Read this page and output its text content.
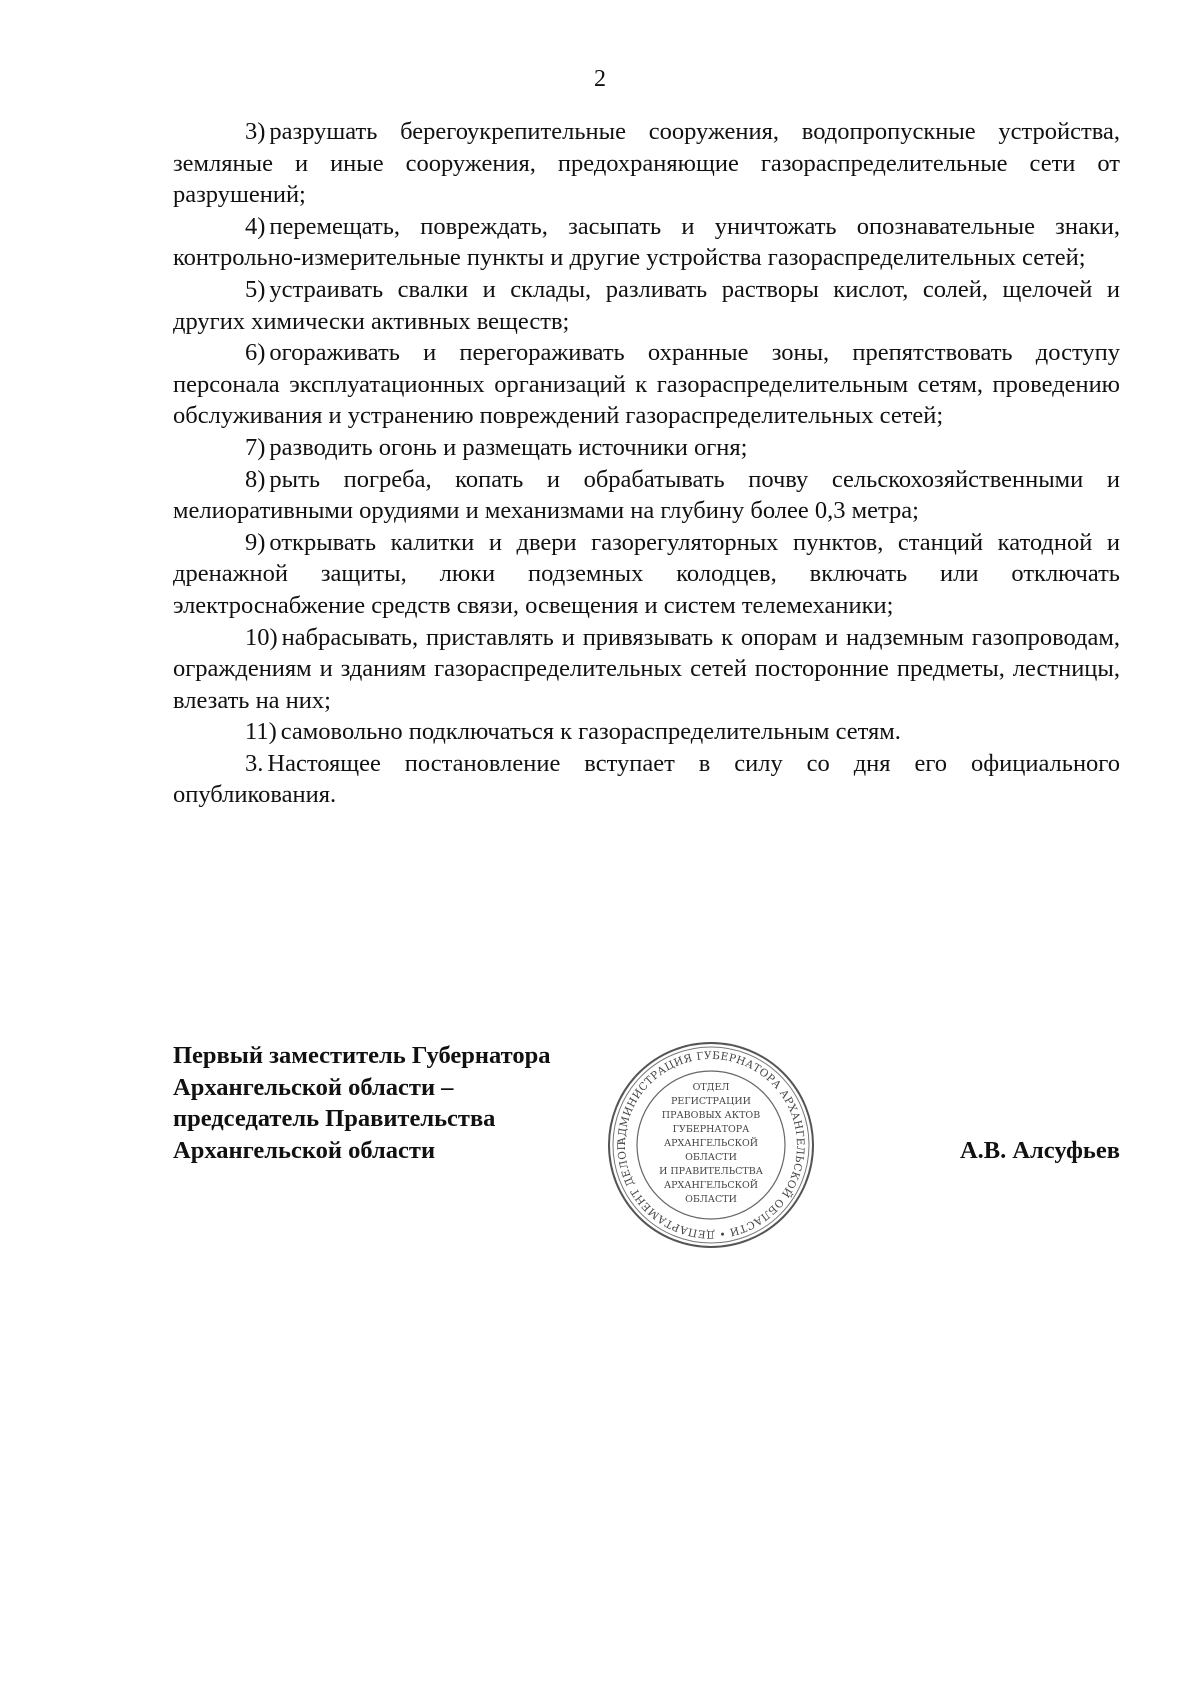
2

3) разрушать берегоукрепительные сооружения, водопропускные устройства, земляные и иные сооружения, предохраняющие газораспределительные сети от разрушений;

4) перемещать, повреждать, засыпать и уничтожать опознавательные знаки, контрольно-измерительные пункты и другие устройства газораспределительных сетей;

5) устраивать свалки и склады, разливать растворы кислот, солей, щелочей и других химически активных веществ;

6) огораживать и перегораживать охранные зоны, препятствовать доступу персонала эксплуатационных организаций к газораспределительным сетям, проведению обслуживания и устранению повреждений газораспределительных сетей;

7) разводить огонь и размещать источники огня;

8) рыть погреба, копать и обрабатывать почву сельскохозяйственными и мелиоративными орудиями и механизмами на глубину более 0,3 метра;

9) открывать калитки и двери газорегуляторных пунктов, станций катодной и дренажной защиты, люки подземных колодцев, включать или отключать электроснабжение средств связи, освещения и систем телемеханики;

10) набрасывать, приставлять и привязывать к опорам и надземным газопроводам, ограждениям и зданиям газораспределительных сетей посторонние предметы, лестницы, влезать на них;

11) самовольно подключаться к газораспределительным сетям.

3. Настоящее постановление вступает в силу со дня его официального опубликования.

Первый заместитель Губернатора
Архангельской области –
председатель Правительства
Архангельской области	АДМИНИСТРАЦИЯ ГУБЕРНАТОРА АРХАНГЕЛЬСКОЙ ОБЛАСТИ • ДЕПАРТАМЕНТ ДЕЛОП
ОТДЕЛ
РЕГИСТРАЦИИ
ПРАВОВЫХ АКТОВ
ГУБЕРНАТОРА
АРХАНГЕЛЬСКОЙ
ОБЛАСТИ
И ПРАВИТЕЛЬСТВА
АРХАНГЕЛЬСКОЙ
ОБЛАСТИ
А.В. Алсуфьев
